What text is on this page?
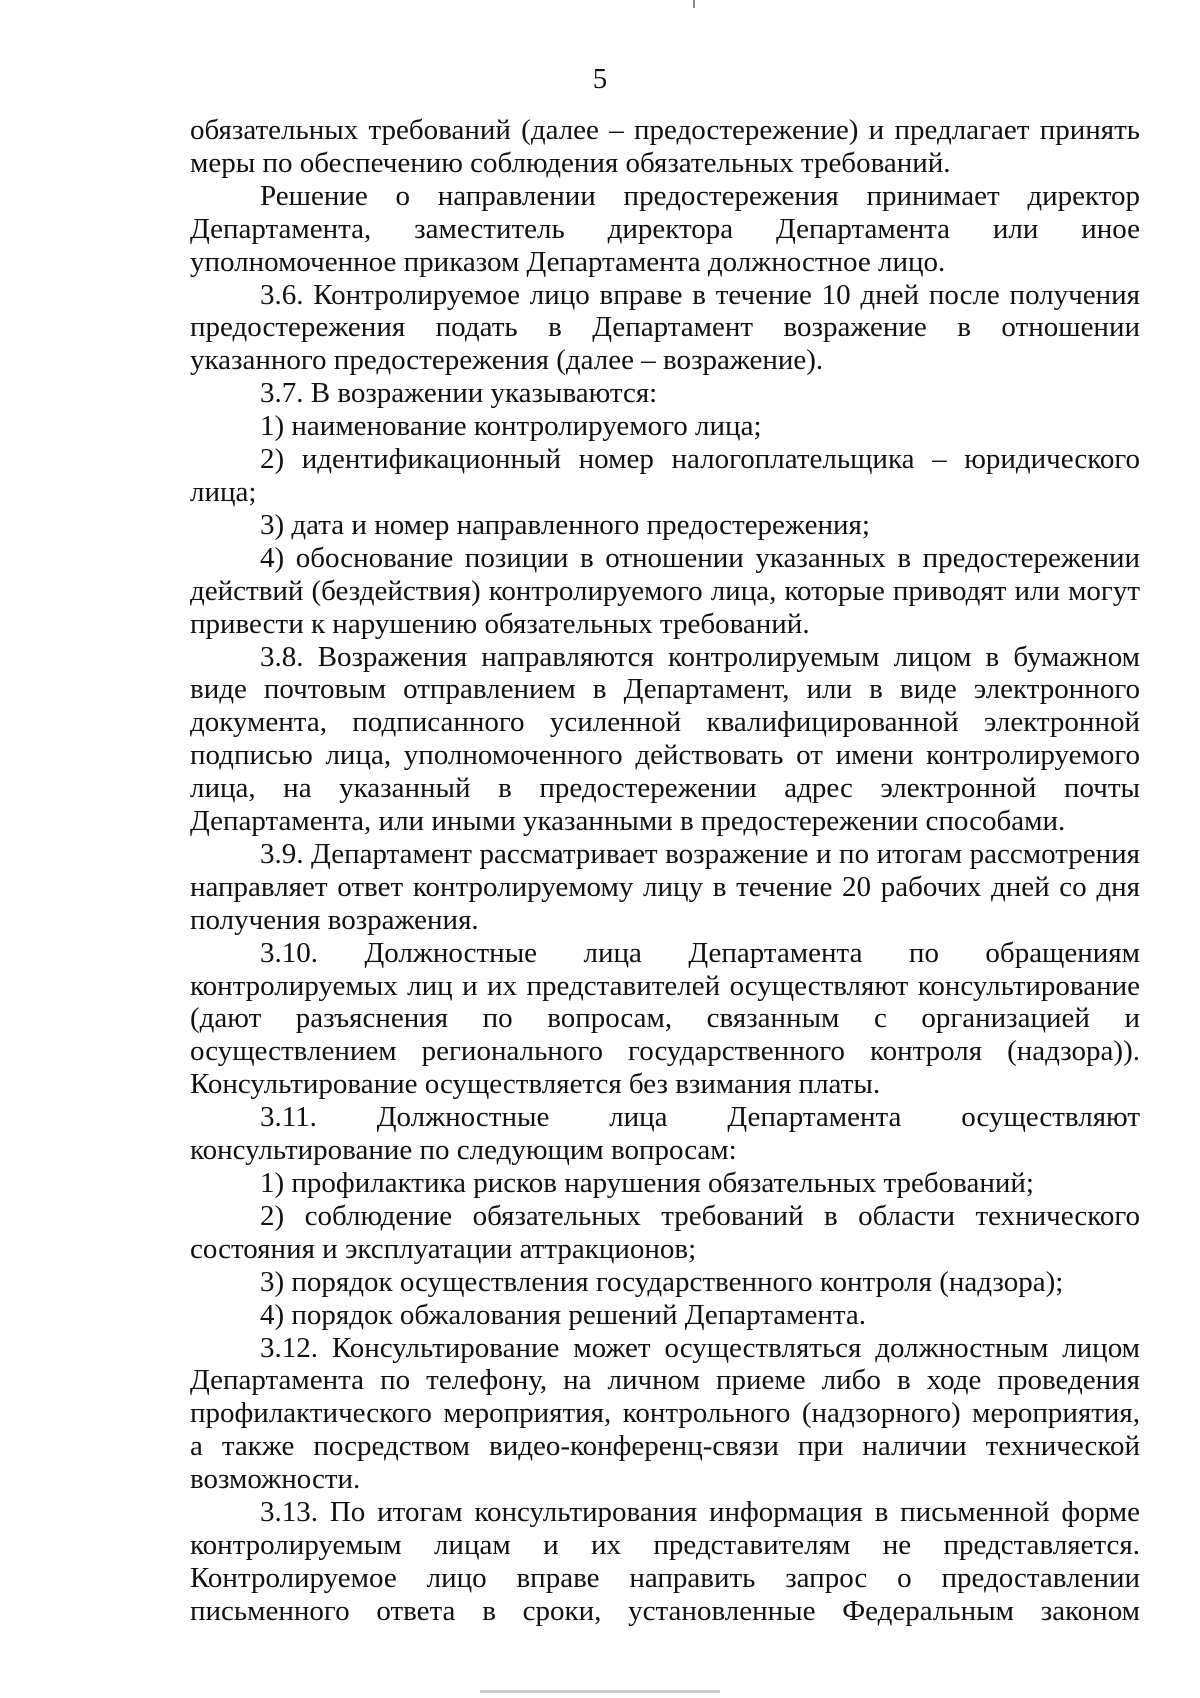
5

обязательных требований (далее – предостережение) и предлагает принять меры по обеспечению соблюдения обязательных требований.

Решение о направлении предостережения принимает директор Департамента, заместитель директора Департамента или иное уполномоченное приказом Департамента должностное лицо.

3.6. Контролируемое лицо вправе в течение 10 дней после получения предостережения подать в Департамент возражение в отношении указанного предостережения (далее – возражение).

3.7. В возражении указываются:

1) наименование контролируемого лица;

2) идентификационный номер налогоплательщика – юридического лица;

3) дата и номер направленного предостережения;

4) обоснование позиции в отношении указанных в предостережении действий (бездействия) контролируемого лица, которые приводят или могут привести к нарушению обязательных требований.

3.8. Возражения направляются контролируемым лицом в бумажном виде почтовым отправлением в Департамент, или в виде электронного документа, подписанного усиленной квалифицированной электронной подписью лица, уполномоченного действовать от имени контролируемого лица, на указанный в предостережении адрес электронной почты Департамента, или иными указанными в предостережении способами.

3.9. Департамент рассматривает возражение и по итогам рассмотрения направляет ответ контролируемому лицу в течение 20 рабочих дней со дня получения возражения.

3.10. Должностные лица Департамента по обращениям контролируемых лиц и их представителей осуществляют консультирование (дают разъяснения по вопросам, связанным с организацией и осуществлением регионального государственного контроля (надзора)). Консультирование осуществляется без взимания платы.

3.11. Должностные лица Департамента осуществляют консультирование по следующим вопросам:

1) профилактика рисков нарушения обязательных требований;

2) соблюдение обязательных требований в области технического состояния и эксплуатации аттракционов;

3) порядок осуществления государственного контроля (надзора);

4) порядок обжалования решений Департамента.

3.12. Консультирование может осуществляться должностным лицом Департамента по телефону, на личном приеме либо в ходе проведения профилактического мероприятия, контрольного (надзорного) мероприятия, а также посредством видео-конференц-связи при наличии технической возможности.

3.13. По итогам консультирования информация в письменной форме контролируемым лицам и их представителям не представляется. Контролируемое лицо вправе направить запрос о предоставлении письменного ответа в сроки, установленные Федеральным законом
